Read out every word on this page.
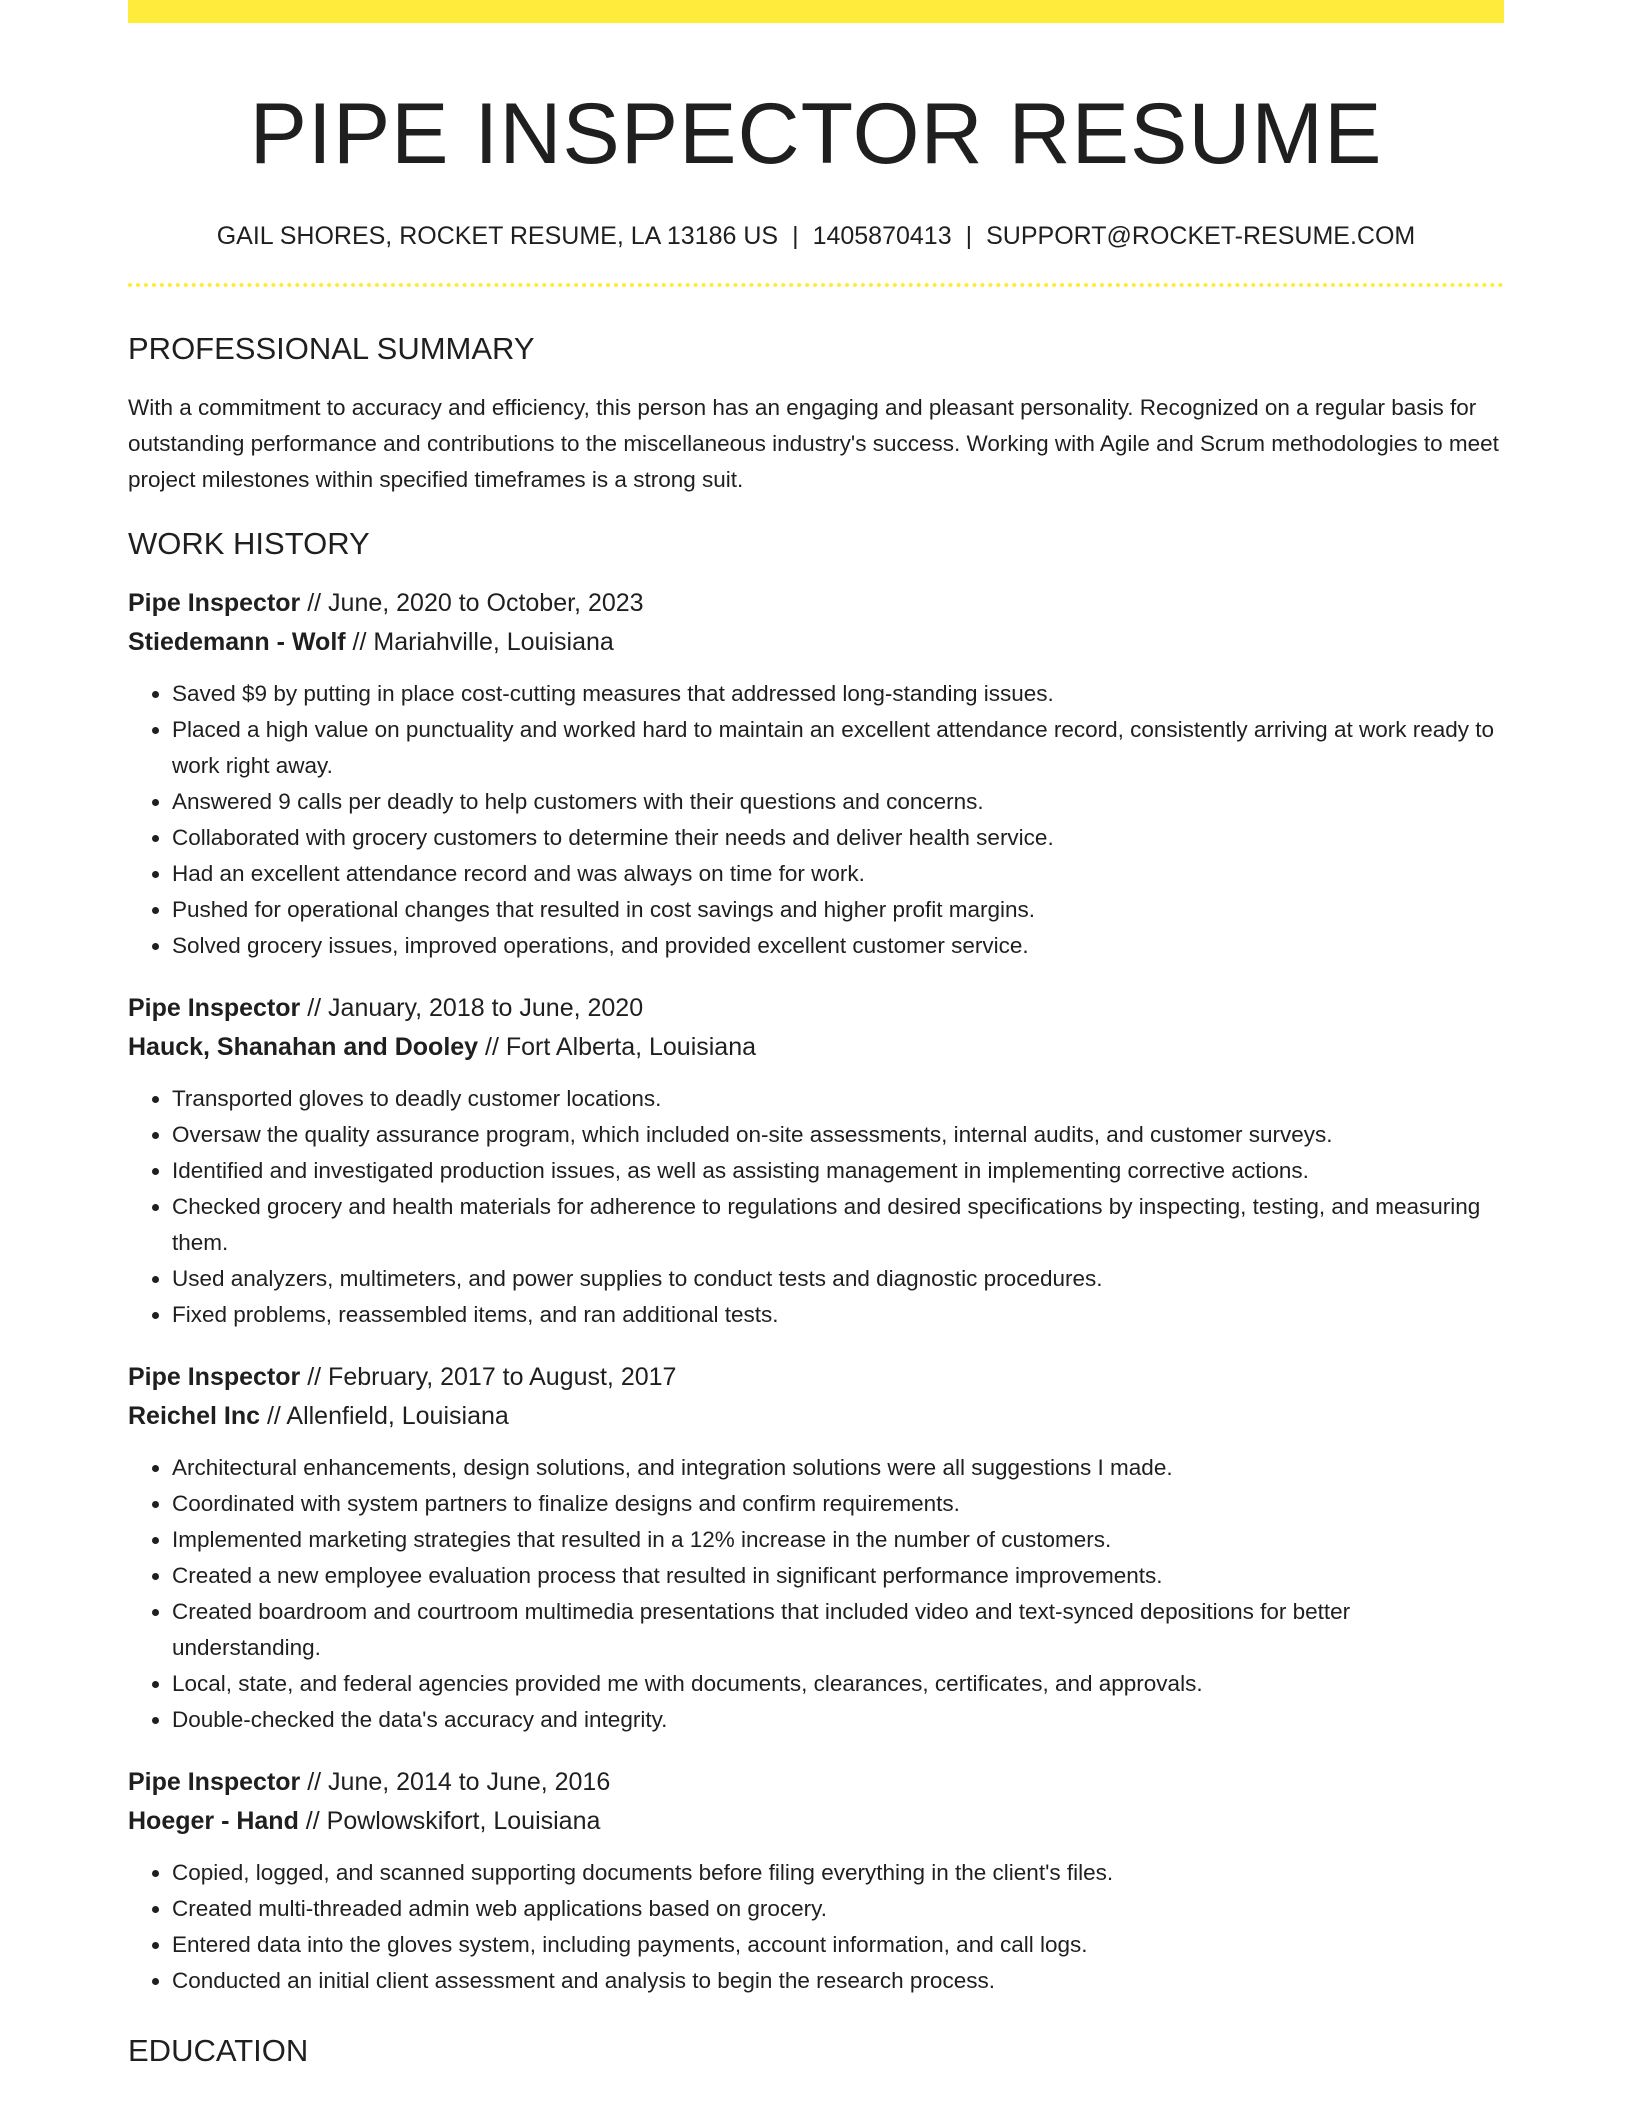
PIPE INSPECTOR RESUME
GAIL SHORES, ROCKET RESUME, LA 13186 US | 1405870413 | SUPPORT@ROCKET-RESUME.COM
PROFESSIONAL SUMMARY

With a commitment to accuracy and efficiency, this person has an engaging and pleasant personality. Recognized on a regular basis for outstanding performance and contributions to the miscellaneous industry's success. Working with Agile and Scrum methodologies to meet project milestones within specified timeframes is a strong suit.

WORK HISTORY
Pipe Inspector // June, 2020 to October, 2023
Stiedemann - Wolf // Mariahville, Louisiana
• Saved $9 by putting in place cost-cutting measures that addressed long-standing issues.
• Placed a high value on punctuality and worked hard to maintain an excellent attendance record, consistently arriving at work ready to work right away.
• Answered 9 calls per deadly to help customers with their questions and concerns.
• Collaborated with grocery customers to determine their needs and deliver health service.
• Had an excellent attendance record and was always on time for work.
• Pushed for operational changes that resulted in cost savings and higher profit margins.
• Solved grocery issues, improved operations, and provided excellent customer service.
Pipe Inspector // January, 2018 to June, 2020
Hauck, Shanahan and Dooley // Fort Alberta, Louisiana
• Transported gloves to deadly customer locations.
• Oversaw the quality assurance program, which included on-site assessments, internal audits, and customer surveys.
• Identified and investigated production issues, as well as assisting management in implementing corrective actions.
• Checked grocery and health materials for adherence to regulations and desired specifications by inspecting, testing, and measuring them.
• Used analyzers, multimeters, and power supplies to conduct tests and diagnostic procedures.
• Fixed problems, reassembled items, and ran additional tests.
Pipe Inspector // February, 2017 to August, 2017
Reichel Inc // Allenfield, Louisiana
• Architectural enhancements, design solutions, and integration solutions were all suggestions I made.
• Coordinated with system partners to finalize designs and confirm requirements.
• Implemented marketing strategies that resulted in a 12% increase in the number of customers.
• Created a new employee evaluation process that resulted in significant performance improvements.
• Created boardroom and courtroom multimedia presentations that included video and text-synced depositions for better understanding.
• Local, state, and federal agencies provided me with documents, clearances, certificates, and approvals.
• Double-checked the data's accuracy and integrity.
Pipe Inspector // June, 2014 to June, 2016
Hoeger - Hand // Powlowskifort, Louisiana
• Copied, logged, and scanned supporting documents before filing everything in the client's files.
• Created multi-threaded admin web applications based on grocery.
• Entered data into the gloves system, including payments, account information, and call logs.
• Conducted an initial client assessment and analysis to begin the research process.
EDUCATION
